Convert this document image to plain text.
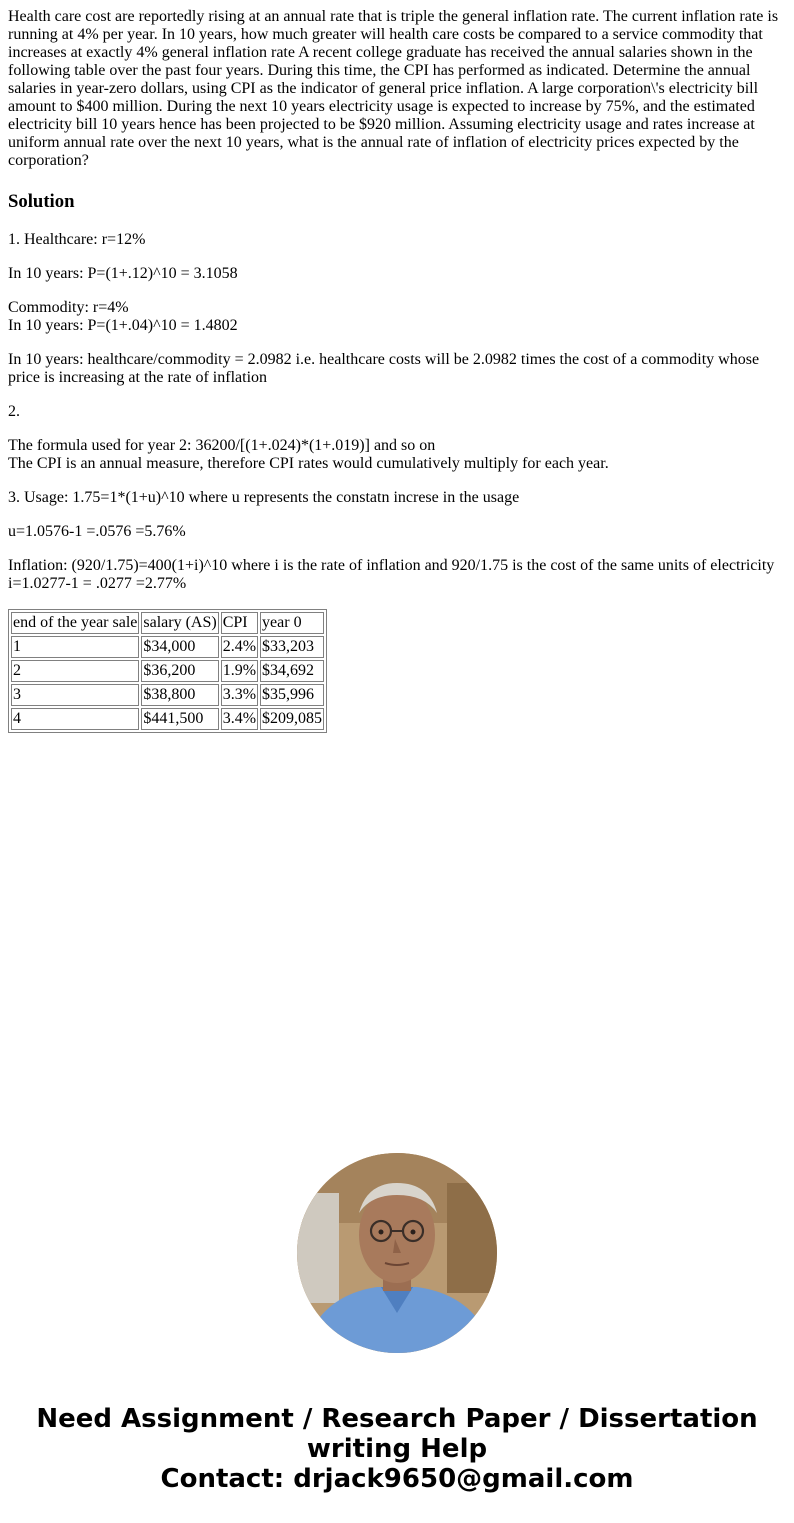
Health care cost are reportedly rising at an annual rate that is triple the general inflation rate. The current inflation rate is running at 4% per year. In 10 years, how much greater will health care costs be compared to a service commodity that increases at exactly 4% general inflation rate A recent college graduate has received the annual salaries shown in the following table over the past four years. During this time, the CPI has performed as indicated. Determine the annual salaries in year-zero dollars, using CPI as the indicator of general price inflation. A large corporation\'s electricity bill amount to $400 million. During the next 10 years electricity usage is expected to increase by 75%, and the estimated electricity bill 10 years hence has been projected to be $920 million. Assuming electricity usage and rates increase at uniform annual rate over the next 10 years, what is the annual rate of inflation of electricity prices expected by the corporation?
Solution

1. Healthcare: r=12%

In 10 years: P=(1+.12)^10 = 3.1058

Commodity: r=4%
In 10 years: P=(1+.04)^10 = 1.4802

In 10 years: healthcare/commodity = 2.0982 i.e. healthcare costs will be 2.0982 times the cost of a commodity whose price is increasing at the rate of inflation

2.

The formula used for year 2: 36200/[(1+.024)*(1+.019)] and so on
The CPI is an annual measure, therefore CPI rates would cumulatively multiply for each year.

3. Usage: 1.75=1*(1+u)^10 where u represents the constatn increse in the usage

u=1.0576-1 =.0576 =5.76%

Inflation: (920/1.75)=400(1+i)^10 where i is the rate of inflation and 920/1.75 is the cost of the same units of electricity
i=1.0277-1 = .0277 =2.77%

end of the year sale	salary (AS)	CPI	year 0
1	$34,000	2.4%	$33,203
2	$36,200	1.9%	$34,692
3	$38,800	3.3%	$35,996
4	$441,500	3.4%	$209,085
Need Assignment / Research Paper / Dissertation
writing Help
Contact: drjack9650@gmail.com
